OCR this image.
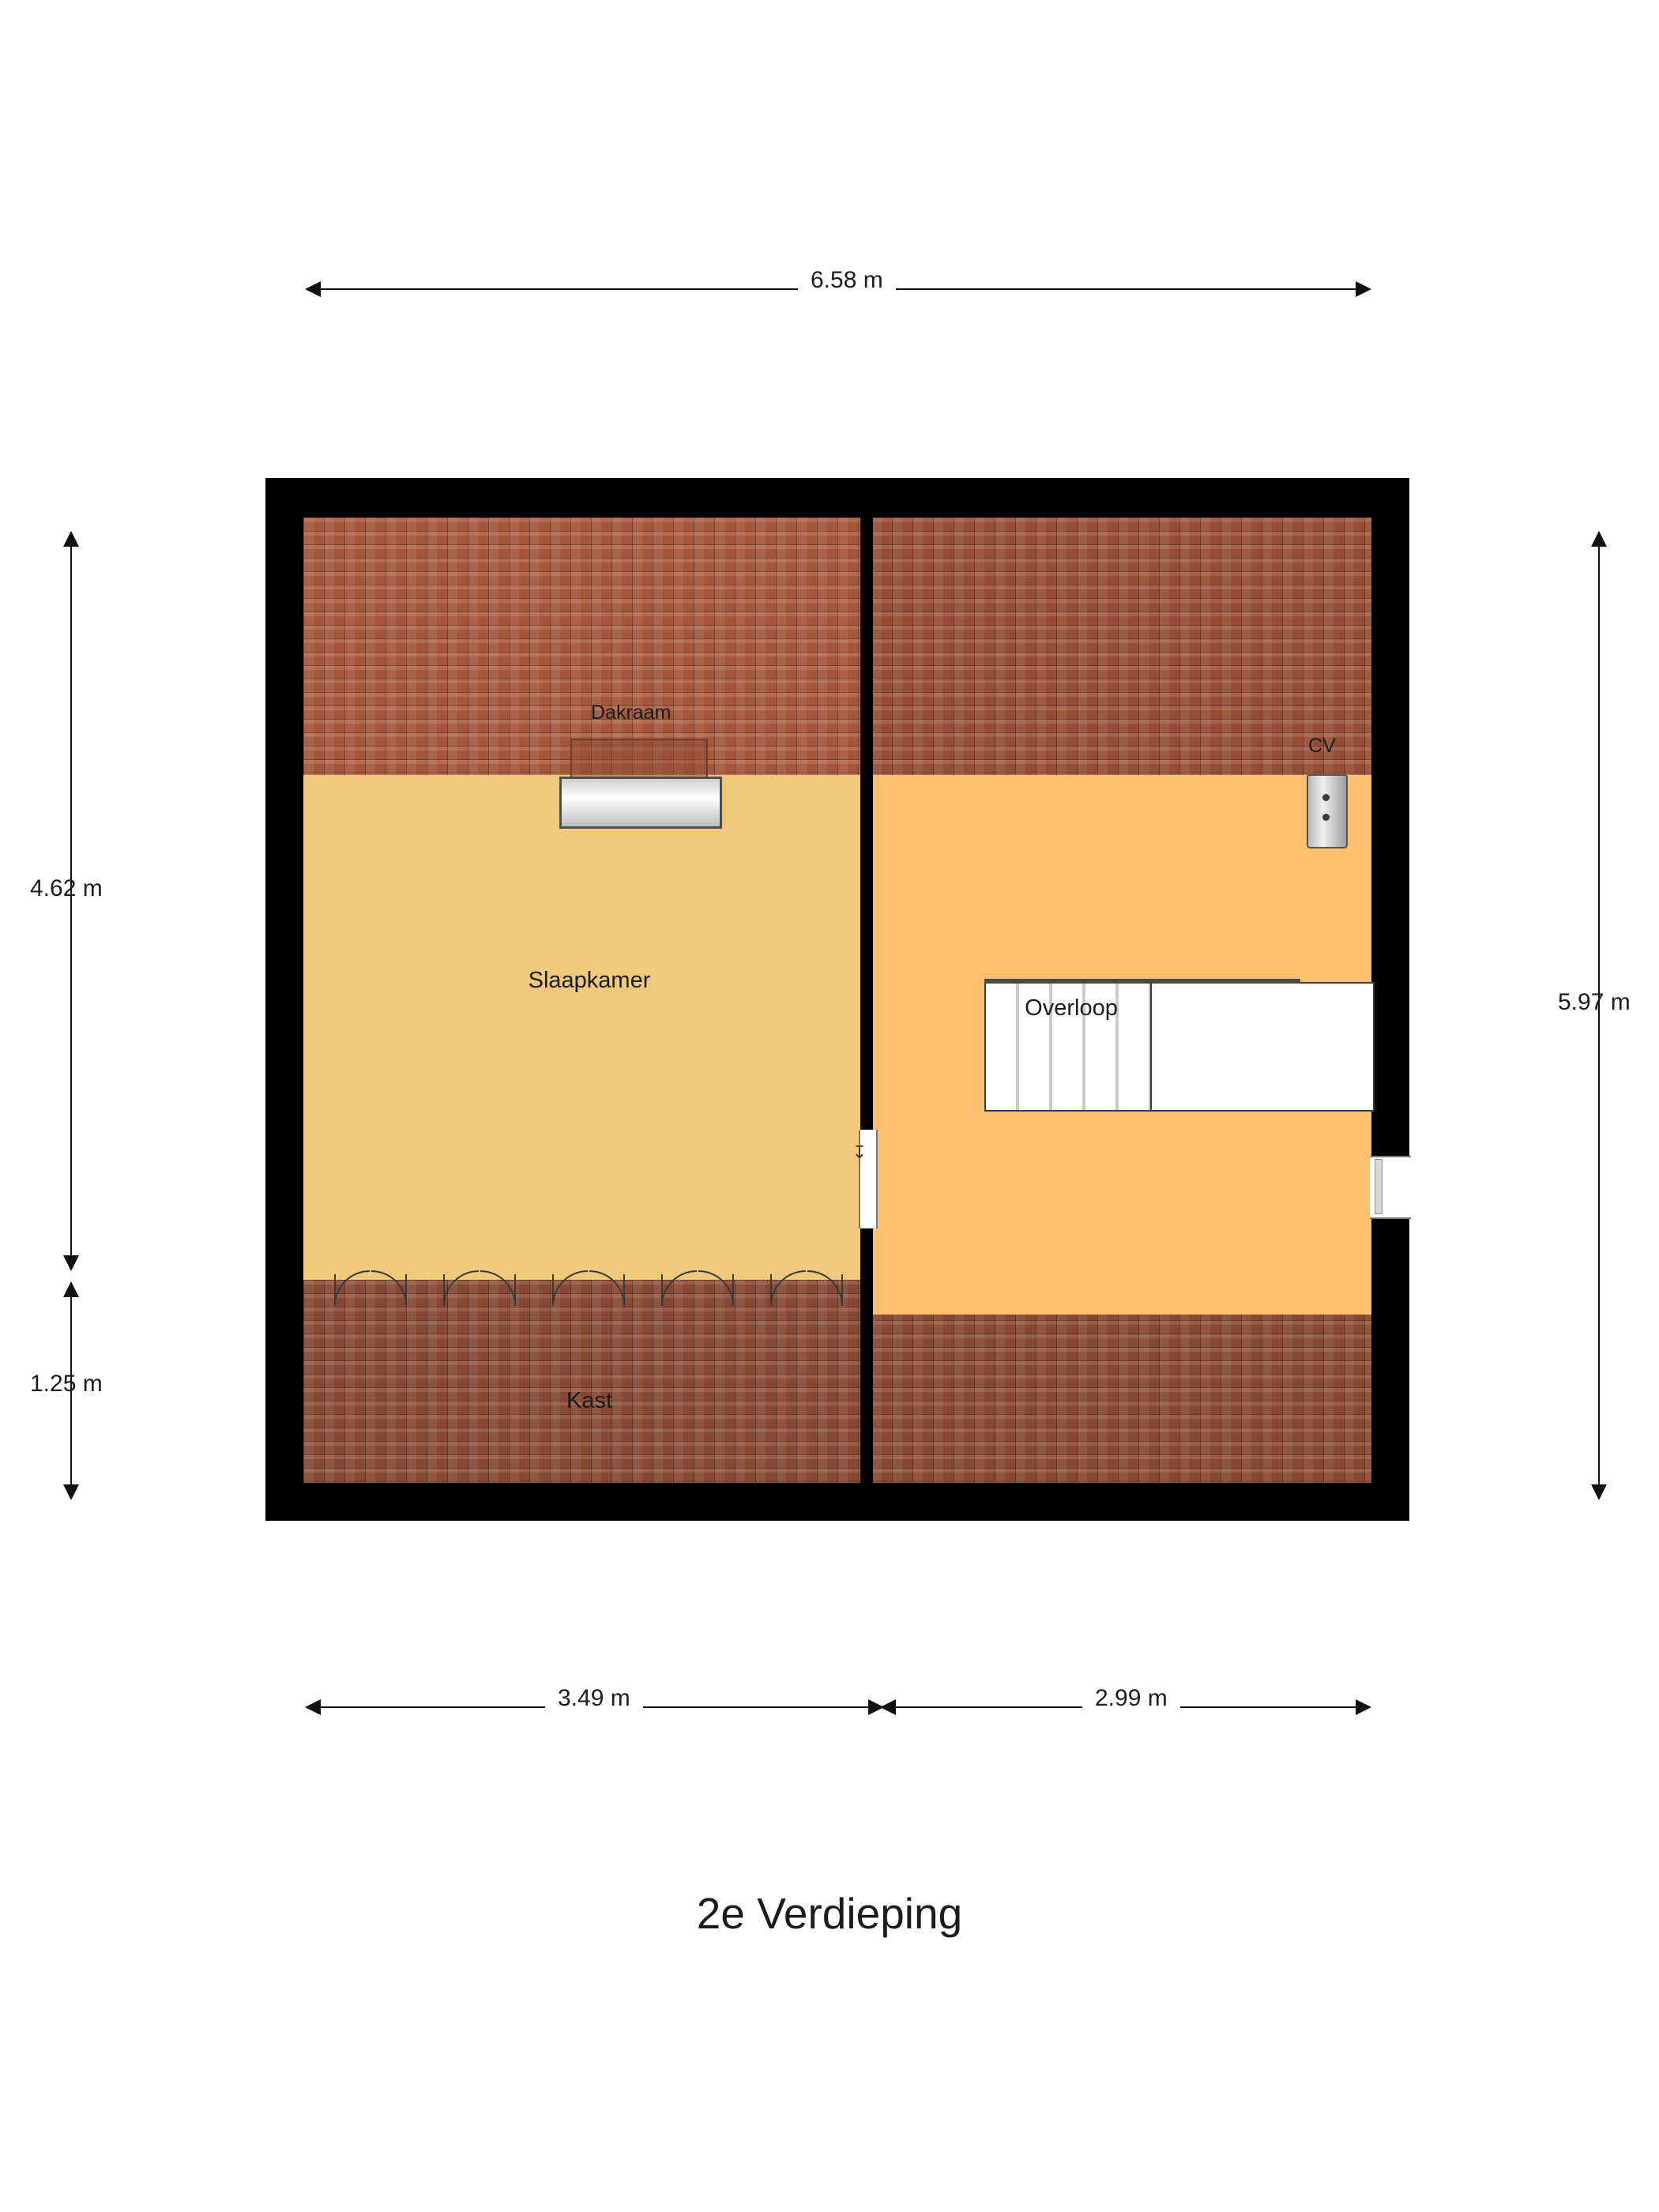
6.58 m
4.62 m
1.25 m
5.97 m
3.49 m	2.99 m
↧
Dakraam
CV
Slaapkamer
Overloop
Kast
2e Verdieping
